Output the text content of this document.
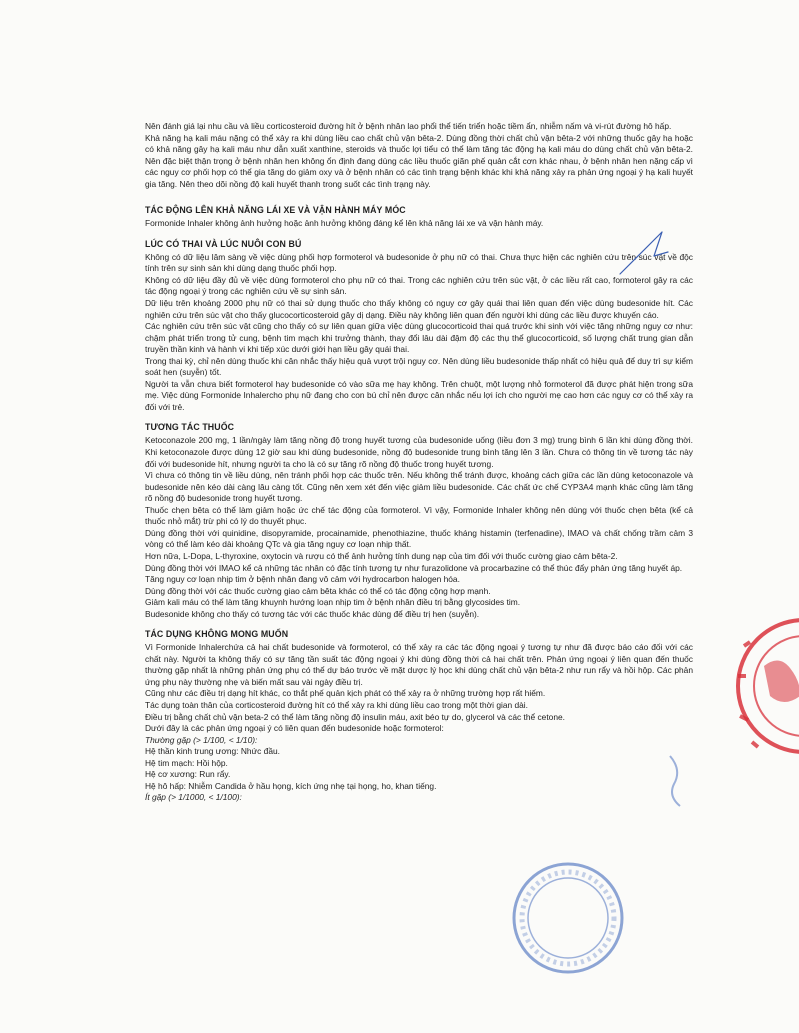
Nên đánh giá lại nhu cầu và liều corticosteroid đường hít ở bệnh nhân lao phổi thể tiến triển hoặc tiềm ẩn, nhiễm nấm và vi-rút đường hô hấp.

Khả năng hạ kali máu nặng có thể xảy ra khi dùng liều cao chất chủ vận bêta-2. Dùng đồng thời chất chủ vận bêta-2 với những thuốc gây hạ hoặc có khả năng gây hạ kali máu như dẫn xuất xanthine, steroids và thuốc lợi tiểu có thể làm tăng tác động hạ kali máu do dùng chất chủ vận bêta-2. Nên đặc biệt thận trọng ở bệnh nhân hen không ổn định đang dùng các liều thuốc giãn phế quản cắt cơn khác nhau, ở bệnh nhân hen nặng cấp vì các nguy cơ phối hợp có thể gia tăng do giảm oxy và ở bệnh nhân có các tình trạng bệnh khác khi khả năng xảy ra phản ứng ngoại ý hạ kali huyết gia tăng. Nên theo dõi nồng độ kali huyết thanh trong suốt các tình trạng này.

TÁC ĐỘNG LÊN KHẢ NĂNG LÁI XE VÀ VẬN HÀNH MÁY MÓC

Formonide Inhaler không ảnh hưởng hoặc ảnh hưởng không đáng kể lên khả năng lái xe và vận hành máy.

LÚC CÓ THAI VÀ LÚC NUÔI CON BÚ

Không có dữ liệu lâm sàng về việc dùng phối hợp formoterol và budesonide ở phụ nữ có thai. Chưa thực hiện các nghiên cứu trên súc vật về độc tính trên sự sinh sản khi dùng dạng thuốc phối hợp.

Không có dữ liệu đầy đủ về việc dùng formoterol cho phụ nữ có thai. Trong các nghiên cứu trên súc vật, ở các liều rất cao, formoterol gây ra các tác động ngoại ý trong các nghiên cứu về sự sinh sản.

Dữ liệu trên khoảng 2000 phụ nữ có thai sử dụng thuốc cho thấy không có nguy cơ gây quái thai liên quan đến việc dùng budesonide hít. Các nghiên cứu trên súc vật cho thấy glucocorticosteroid gây dị dạng. Điều này không liên quan đến người khi dùng các liều được khuyến cáo.

Các nghiên cứu trên súc vật cũng cho thấy có sự liên quan giữa việc dùng glucocorticoid thai quá trước khi sinh với việc tăng những nguy cơ như: chậm phát triển trong tử cung, bệnh tim mạch khi trưởng thành, thay đổi lâu dài đậm độ các thụ thể glucocorticoid, số lượng chất trung gian dẫn truyền thần kinh và hành vi khi tiếp xúc dưới giới hạn liều gây quái thai.

Trong thai kỳ, chỉ nên dùng thuốc khi cân nhắc thấy hiệu quả vượt trội nguy cơ. Nên dùng liều budesonide thấp nhất có hiệu quả để duy trì sự kiểm soát hen (suyễn) tốt.

Người ta vẫn chưa biết formoterol hay budesonide có vào sữa mẹ hay không. Trên chuột, một lượng nhỏ formoterol đã được phát hiện trong sữa mẹ. Việc dùng Formonide Inhalercho phụ nữ đang cho con bú chỉ nên được cân nhắc nếu lợi ích cho người mẹ cao hơn các nguy cơ có thể xảy ra đối với trẻ.

TƯƠNG TÁC THUỐC

Ketoconazole 200 mg, 1 lần/ngày làm tăng nồng độ trong huyết tương của budesonide uống (liều đơn 3 mg) trung bình 6 lần khi dùng đồng thời. Khi ketoconazole được dùng 12 giờ sau khi dùng budesonide, nồng độ budesonide trung bình tăng lên 3 lần. Chưa có thông tin về tương tác này đối với budesonide hít, nhưng người ta cho là có sự tăng rõ nồng độ thuốc trong huyết tương.

Vì chưa có thông tin về liều dùng, nên tránh phối hợp các thuốc trên. Nếu không thể tránh được, khoảng cách giữa các lần dùng ketoconazole và budesonide nên kéo dài càng lâu càng tốt. Cũng nên xem xét đến việc giảm liều budesonide. Các chất ức chế CYP3A4 mạnh khác cũng làm tăng rõ nồng độ budesonide trong huyết tương.

Thuốc chẹn bêta có thể làm giảm hoặc ức chế tác động của formoterol. Vì vậy, Formonide Inhaler không nên dùng với thuốc chẹn bêta (kể cả thuốc nhỏ mắt) trừ phi có lý do thuyết phục.

Dùng đồng thời với quinidine, disopyramide, procainamide, phenothiazine, thuốc kháng histamin (terfenadine), IMAO và chất chống trầm cảm 3 vòng có thể làm kéo dài khoảng QTc và gia tăng nguy cơ loạn nhịp thất.

Hơn nữa, L-Dopa, L-thyroxine, oxytocin và rượu có thể ảnh hưởng tính dung nạp của tim đối với thuốc cường giao cảm bêta-2.

Dùng đồng thời với IMAO kể cả những tác nhân có đặc tính tương tự như furazolidone và procarbazine có thể thúc đẩy phản ứng tăng huyết áp.

Tăng nguy cơ loạn nhịp tim ở bệnh nhân đang vô cảm với hydrocarbon halogen hóa.

Dùng đồng thời với các thuốc cường giao cảm bêta khác có thể có tác động cộng hợp mạnh.

Giảm kali máu có thể làm tăng khuynh hướng loạn nhịp tim ở bệnh nhân điều trị bằng glycosides tim.

Budesonide không cho thấy có tương tác với các thuốc khác dùng để điều trị hen (suyễn).

TÁC DỤNG KHÔNG MONG MUỐN

Vì Formonide Inhalerchứa cả hai chất budesonide và formoterol, có thể xảy ra các tác động ngoại ý tương tự như đã được báo cáo đối với các chất này. Người ta không thấy có sự tăng tần suất tác động ngoại ý khi dùng đồng thời cả hai chất trên. Phản ứng ngoại ý liên quan đến thuốc thường gặp nhất là những phản ứng phụ có thể dự báo trước về mặt dược lý học khi dùng chất chủ vận bêta-2 như run rẩy và hồi hộp. Các phản ứng phụ này thường nhẹ và biến mất sau vài ngày điều trị.

Cũng như các điều trị dạng hít khác, co thắt phế quản kịch phát có thể xảy ra ở những trường hợp rất hiếm.

Tác dụng toàn thân của corticosteroid đường hít có thể xảy ra khi dùng liều cao trong một thời gian dài.

Điều trị bằng chất chủ vận beta-2 có thể làm tăng nồng độ insulin máu, axit béo tự do, glycerol và các thể cetone.

Dưới đây là các phản ứng ngoại ý có liên quan đến budesonide hoặc formoterol:

Thường gặp (> 1/100, < 1/10):

Hệ thần kinh trung ương: Nhức đầu.

Hệ tim mạch: Hồi hộp.

Hệ cơ xương: Run rẩy.

Hệ hô hấp: Nhiễm Candida ở hầu họng, kích ứng nhẹ tại họng, ho, khan tiếng.

Ít gặp (> 1/1000, < 1/100):
